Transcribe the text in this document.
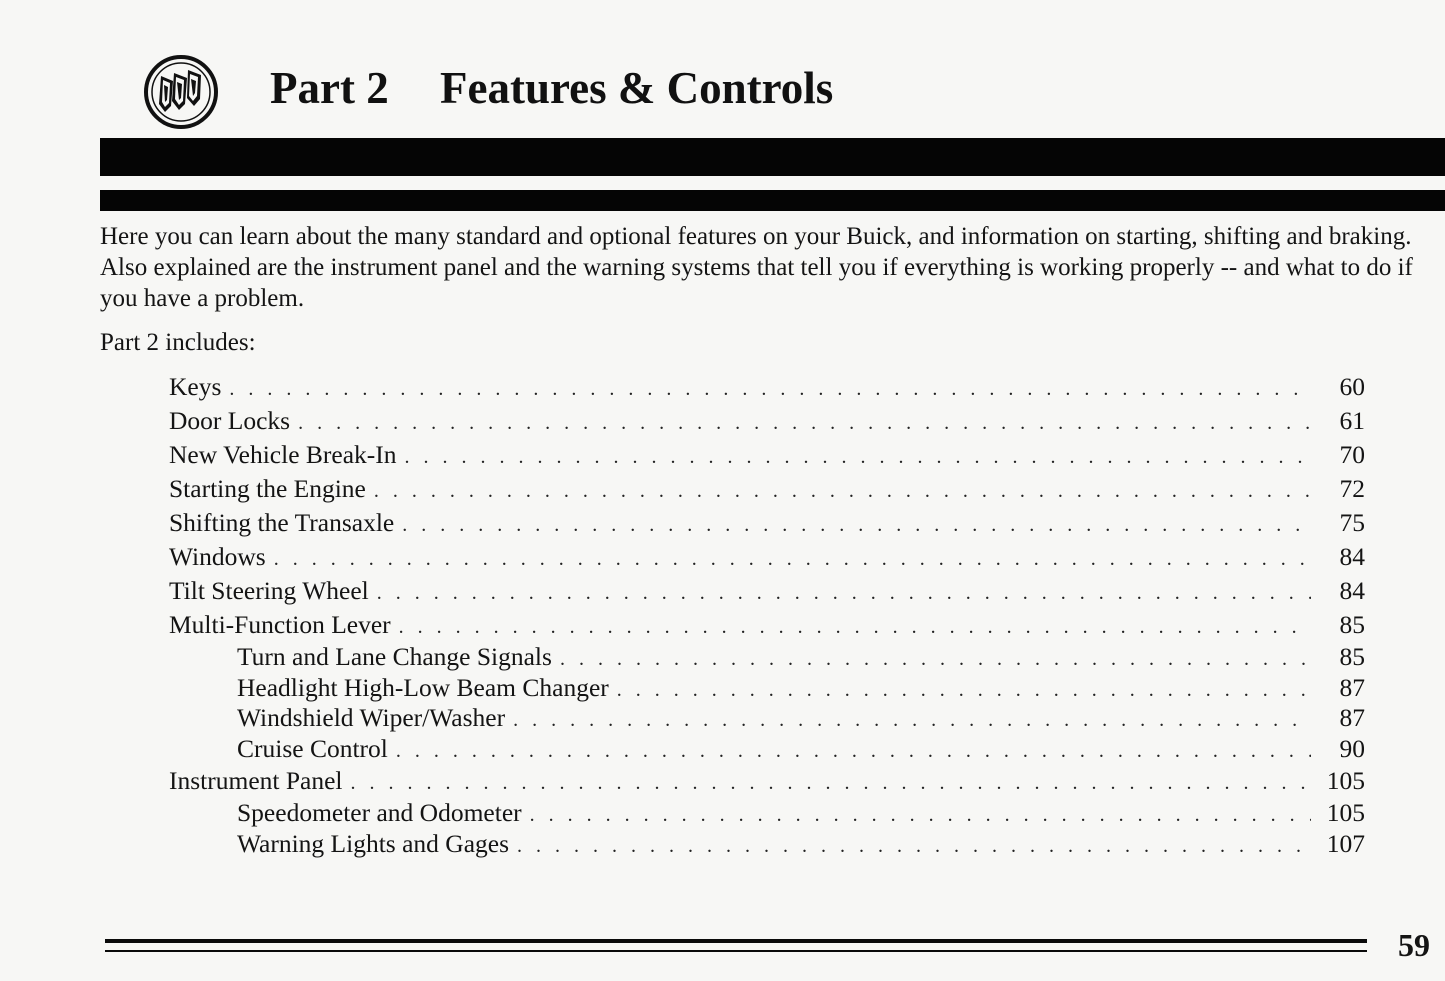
Part 2 Features & Controls

Here you can learn about the many standard and optional features on your Buick, and information on starting, shifting and braking. Also explained are the instrument panel and the warning systems that tell you if everything is working properly -- and what to do if you have a problem.

Part 2 includes:

Keys . . .	60
Door Locks . . .	61
New Vehicle Break-In . . .	70
Starting the Engine . . .	72
Shifting the Transaxle . . .	75
Windows . . .	84
Tilt Steering Wheel . . .	84
Multi-Function Lever . . .	85
Turn and Lane Change Signals . . .	85
Headlight High-Low Beam Changer . . .	87
Windshield Wiper/Washer . . .	87
Cruise Control . . .	90
Instrument Panel . . .	105
Speedometer and Odometer . . .	105
Warning Lights and Gages . . .	107
59
